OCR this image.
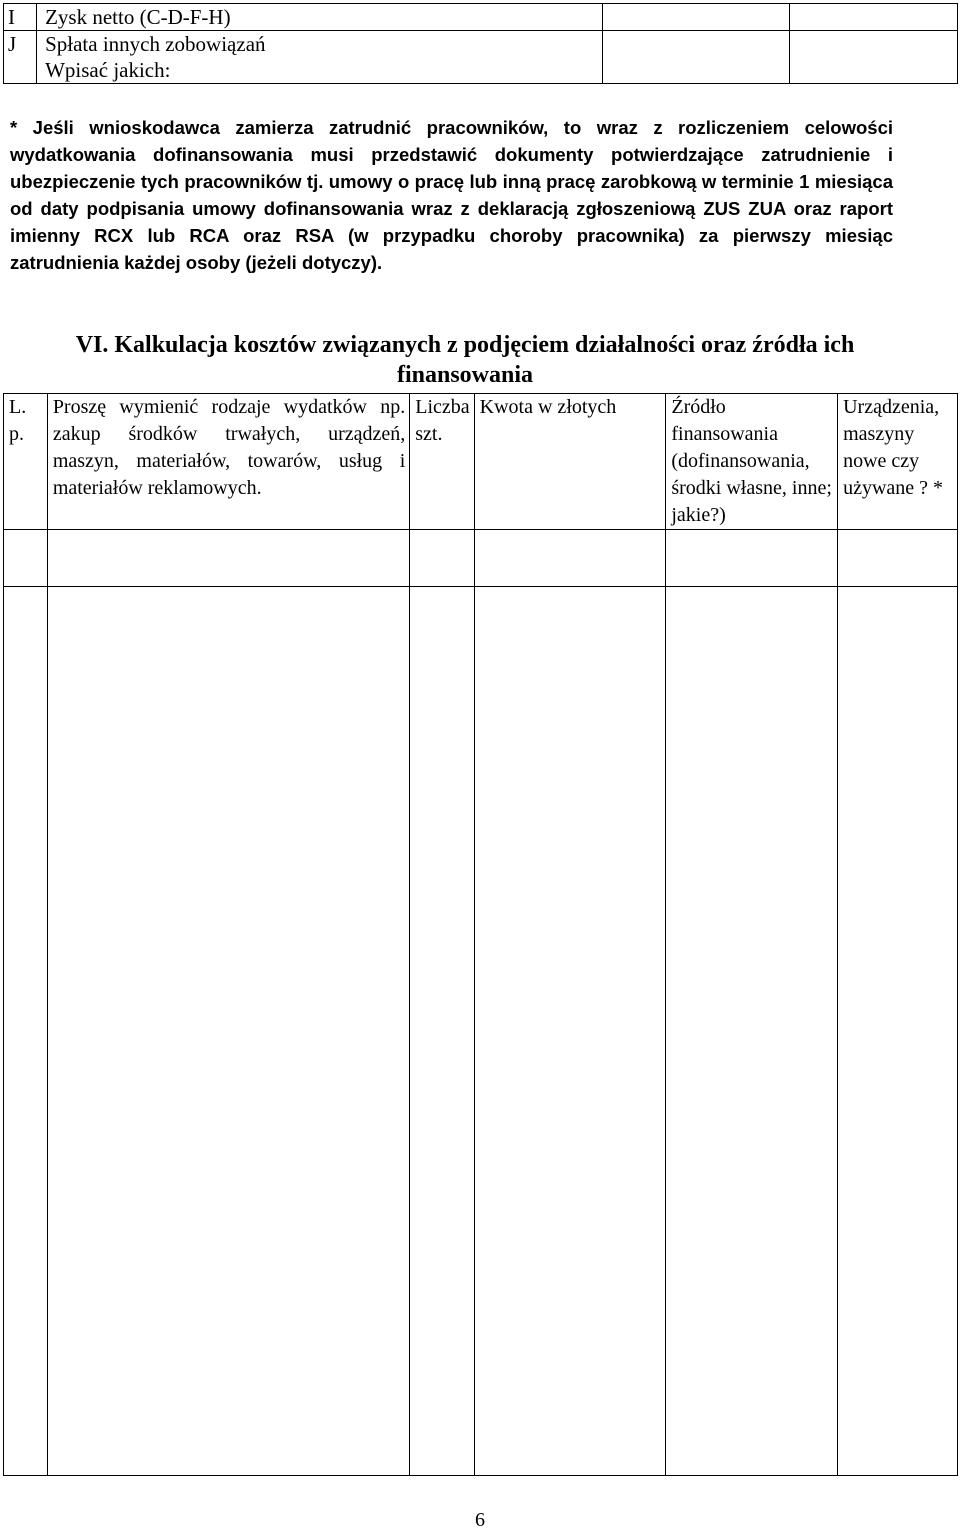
I	Zysk netto (C-D-F-H)		
J	Spłata innych zobowiązań
Wpisać jakich:		

* Jeśli wnioskodawca zamierza zatrudnić pracowników, to wraz z rozliczeniem celowości wydatkowania dofinansowania musi przedstawić dokumenty potwierdzające zatrudnienie i ubezpieczenie tych pracowników tj. umowy o pracę lub inną pracę zarobkową w terminie 1 miesiąca od daty podpisania umowy dofinansowania wraz z deklaracją zgłoszeniową ZUS ZUA oraz raport imienny RCX lub RCA oraz RSA (w przypadku choroby pracownika) za pierwszy miesiąc zatrudnienia każdej osoby (jeżeli dotyczy).

VI. Kalkulacja kosztów związanych z podjęciem działalności oraz źródła ich finansowania
L. p.	Proszę wymienić rodzaje wydatków np. zakup środków trwałych, urządzeń, maszyn, materiałów, towarów, usług i materiałów reklamowych.	Liczba szt.	Kwota w złotych	Źródło finansowania (dofinansowania, środki własne, inne; jakie?)	Urządzenia, maszyny nowe czy używane ? *

6
